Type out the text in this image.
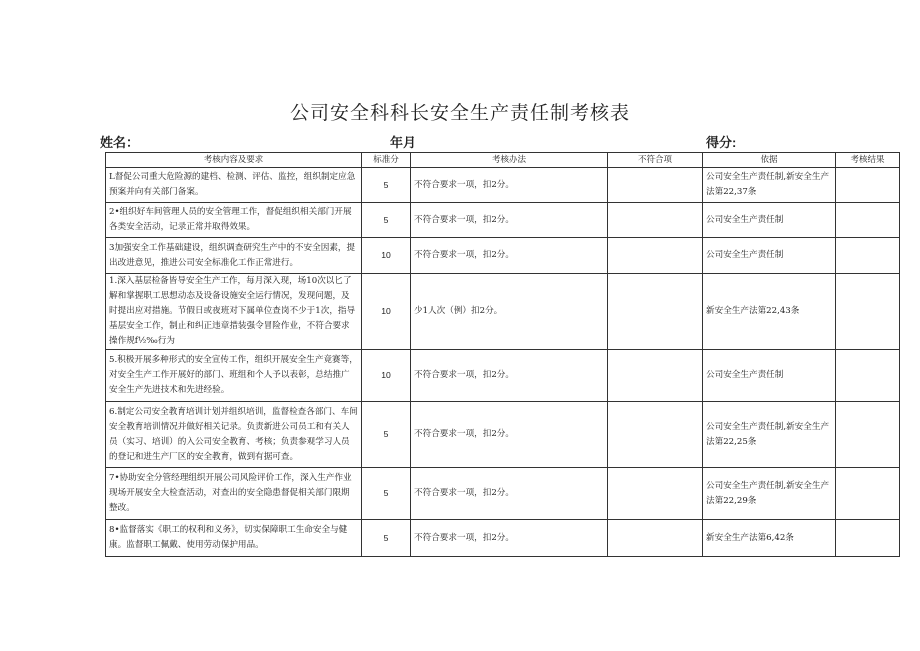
公司安全科科长安全生产责任制考核表
姓名：	年月	得分:
考核内容及要求	标准分	考核办法	不符合项	依据	考核结果
L督促公司重大危险源的建档、检测、评估、监控，组织制定应急预案并向有关部门备案。	5	不符合要求一项，扣2分。		公司安全生产责任制,新安全生产法第22,37条	
2•组织好车间管理人员的安全管理工作，督促组织相关部门开展各类安全活动，记录正常并取得效果。	5	不符合要求一项，扣2分。		公司安全生产责任制	
3加强安全工作基础建设，组织调查研究生产中的不安全因素，提出改进意见，推进公司安全标准化工作正常进行。	10	不符合要求一项，扣2分。		公司安全生产责任制	
1.深入基层检备皆导安全生产工作，每月深入现，场10次以匕了解和掌握职工思想动态及设备设施安全运行情况，发现问题，及时提出应对措施。节假日或夜班对下属单位查岗不少于1次，指导基层安全工作，制止和纠正违章措装强令冒险作业，不符合要求操作规f½‰行为	10	少1人次（例）扣2分。		新安全生产法第22,43条	
5.积极开展多种形式的安全宣传工作，组织开展安全生产竟赛等，对安全生产工作开展好的部门、班组和个人予以表彰，总结推广安全生产先进技术和先进经验。	10	不符合要求一项，扣2分。		公司安全生产责任制	
6.制定公司安全教育培训计划并组织培训，监督检查各部门、车间安全教育培训情况并做好相关记录。负责新进公司员工和有关人员（实习、培训）的入公司安全教育、考核；负责参观学习人员的登记和进生产厂区的安全教育，做到有据可查。	5	不符合要求一项，扣2分。		公司安全生产责任制,新安全生产法第22,25条	
7•协助安全分管经理组织开展公司风险评价工作，深入生产作业现场开展安全大检查活动，对查出的安全隐患督促相关部门限期整改。	5	不符合要求一项，扣2分。		公司安全生产责任制,新安全生产法第22,29条	
8•监督落实《职工的权利和义务》，切实保障职工生命安全与健康。监督职工佩戴、使用劳动保护用品。	5	不符合要求一项，扣2分。		新安全生产法第6,42条	
